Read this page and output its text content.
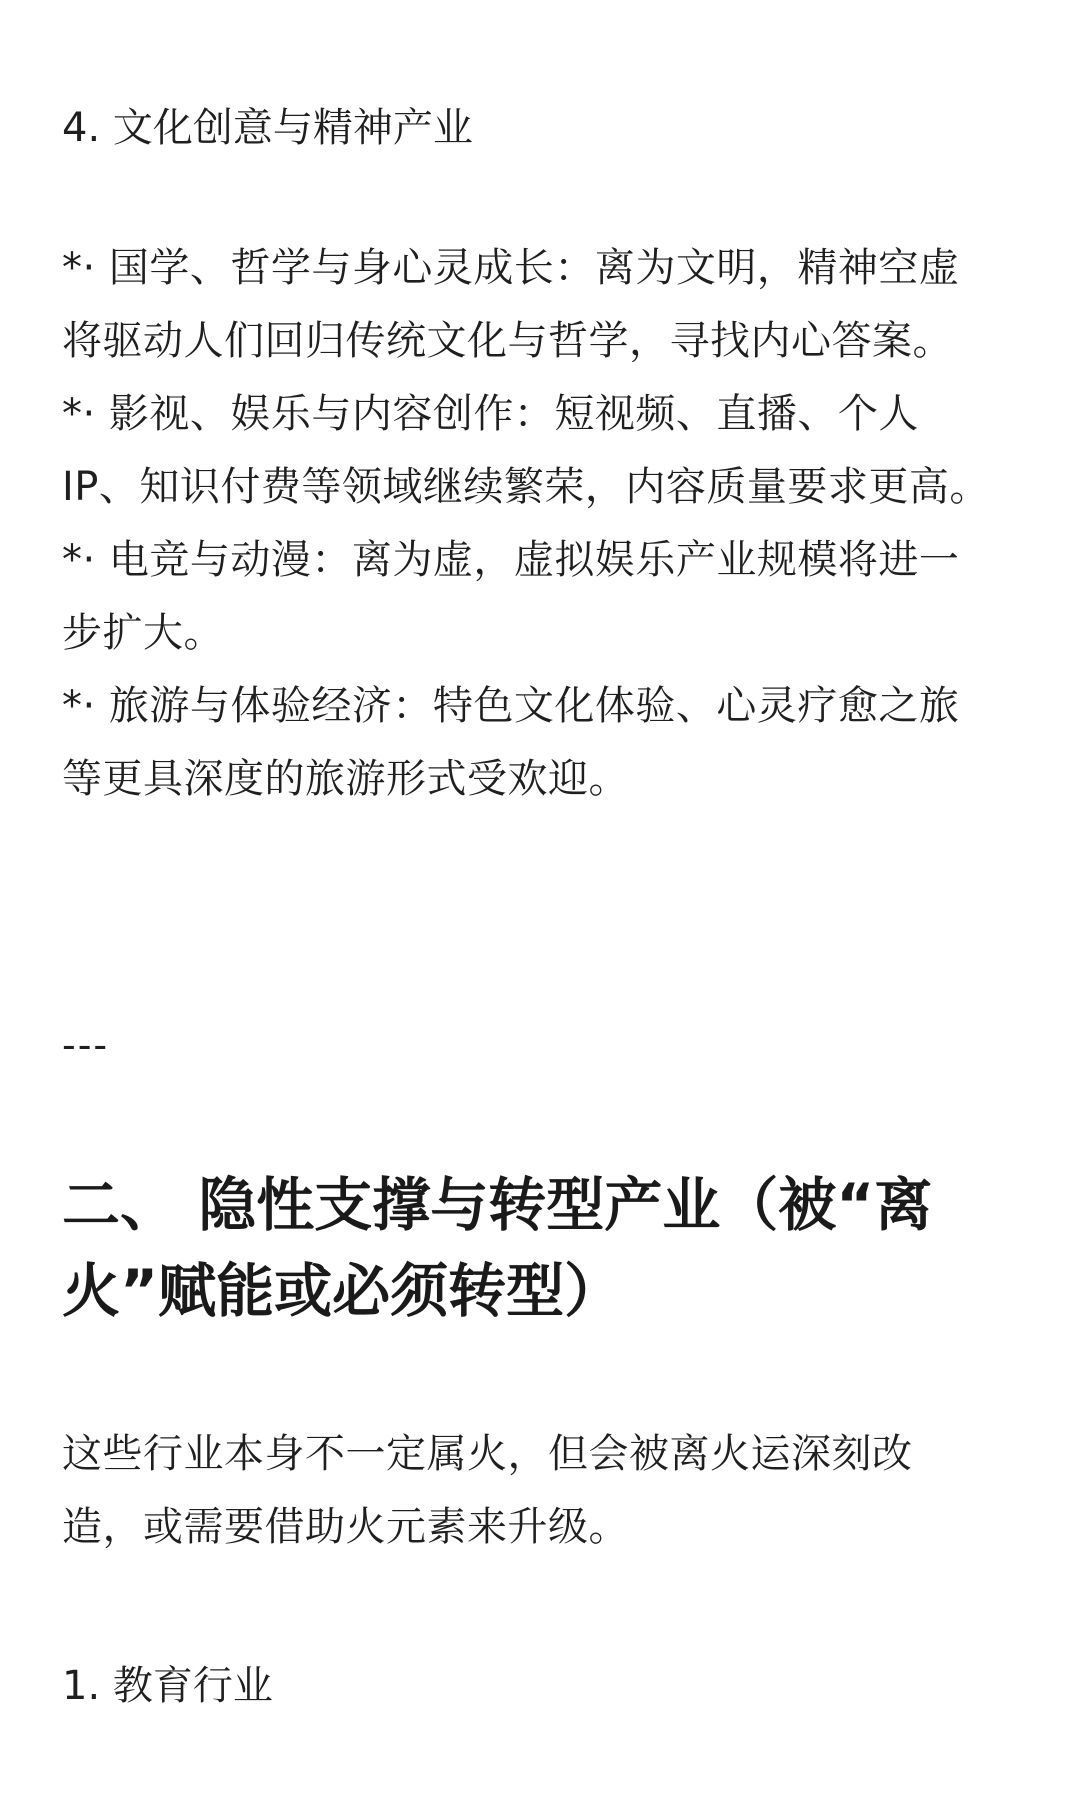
4. 文化创意与精神产业
*· 国学、哲学与身心灵成长：离为文明，精神空虚
将驱动人们回归传统文化与哲学，寻找内心答案。
*· 影视、娱乐与内容创作：短视频、直播、个人
IP、知识付费等领域继续繁荣，内容质量要求更高。
*· 电竞与动漫：离为虚，虚拟娱乐产业规模将进一
步扩大。
*· 旅游与体验经济：特色文化体验、心灵疗愈之旅
等更具深度的旅游形式受欢迎。
---
二、 隐性支撑与转型产业（被“离
火”赋能或必须转型）
这些行业本身不一定属火，但会被离火运深刻改
造，或需要借助火元素来升级。
1. 教育行业
